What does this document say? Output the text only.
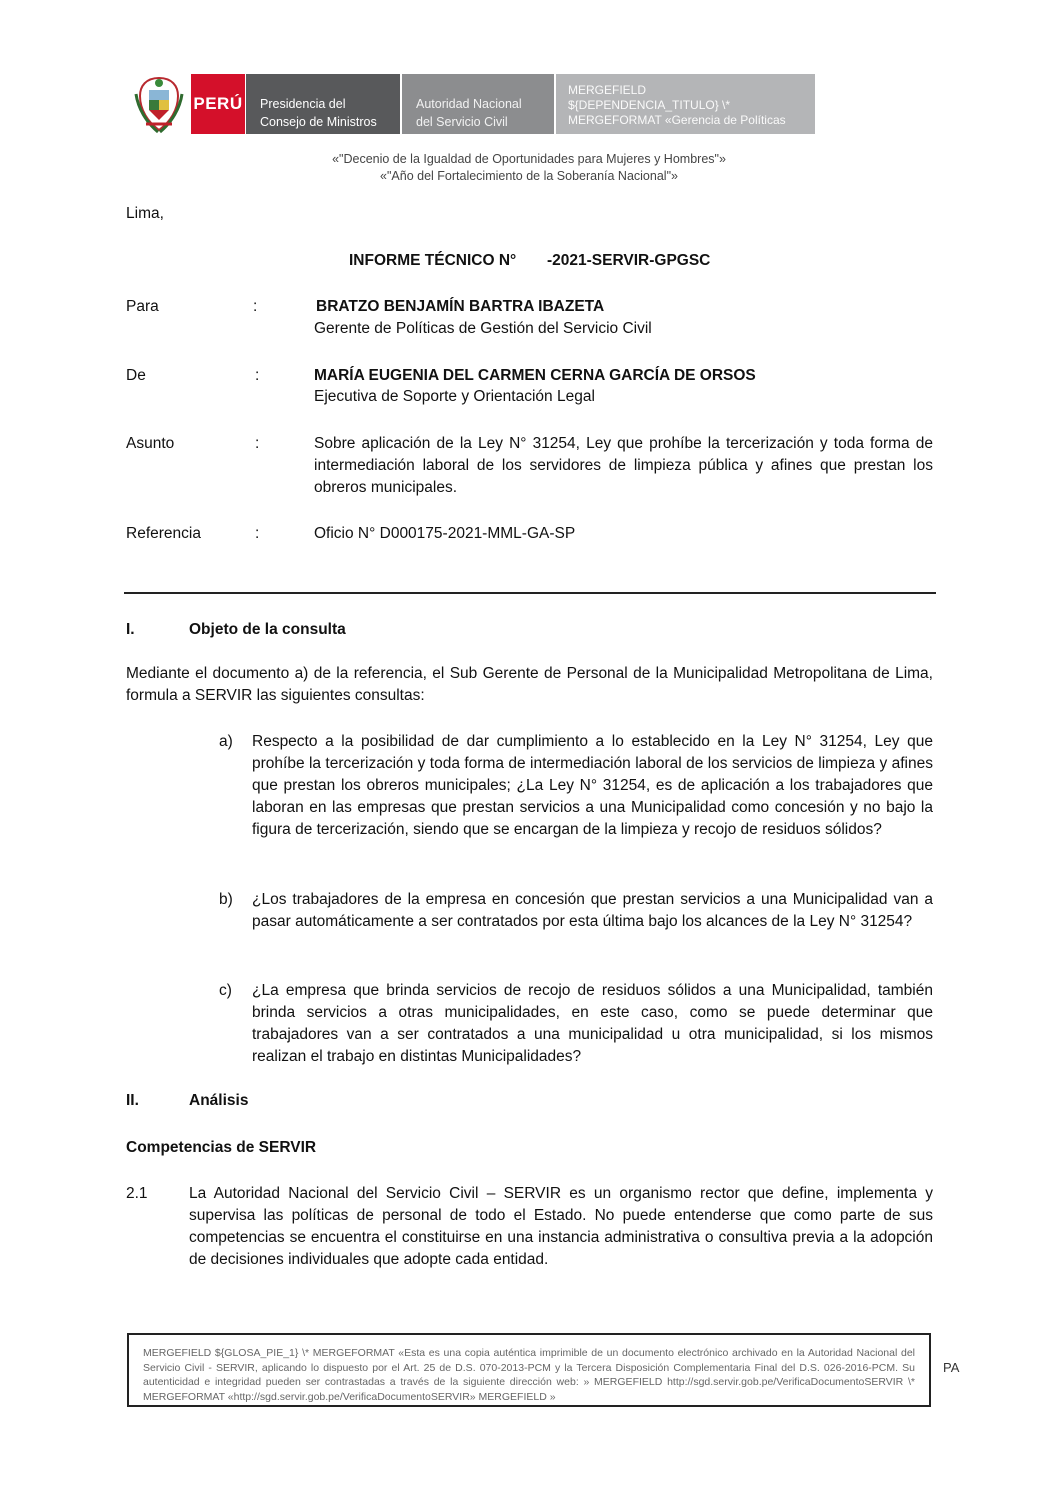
PERÚ Presidencia del
Consejo de Ministros
Autoridad Nacional
del Servicio Civil
MERGEFIELD
${DEPENDENCIA_TITULO} \*
MERGEFORMAT «Gerencia de Políticas
«"Decenio de la Igualdad de Oportunidades para Mujeres y Hombres"»
«"Año del Fortalecimiento de la Soberanía Nacional"»
Lima,
INFORME TÉCNICO N° -2021-SERVIR-GPGSC
Para	:	BRATZO BENJAMÍN BARTRA IBAZETA
Gerente de Políticas de Gestión del Servicio Civil
De	:	MARÍA EUGENIA DEL CARMEN CERNA GARCÍA DE ORSOS
Ejecutiva de Soporte y Orientación Legal
Asunto	:	Sobre aplicación de la Ley N° 31254, Ley que prohíbe la tercerización y toda forma de intermediación laboral de los servidores de limpieza pública y afines que prestan los obreros municipales.
Referencia	:	Oficio N° D000175-2021-MML-GA-SP
I.	Objeto de la consulta
Mediante el documento a) de la referencia, el Sub Gerente de Personal de la Municipalidad Metropolitana de Lima, formula a SERVIR las siguientes consultas:
a) Respecto a la posibilidad de dar cumplimiento a lo establecido en la Ley N° 31254, Ley que prohíbe la tercerización y toda forma de intermediación laboral de los servicios de limpieza y afines que prestan los obreros municipales; ¿La Ley N° 31254, es de aplicación a los trabajadores que laboran en las empresas que prestan servicios a una Municipalidad como concesión y no bajo la figura de tercerización, siendo que se encargan de la limpieza y recojo de residuos sólidos?
b) ¿Los trabajadores de la empresa en concesión que prestan servicios a una Municipalidad van a pasar automáticamente a ser contratados por esta última bajo los alcances de la Ley N° 31254?
c) ¿La empresa que brinda servicios de recojo de residuos sólidos a una Municipalidad, también brinda servicios a otras municipalidades, en este caso, como se puede determinar que trabajadores van a ser contratados a una municipalidad u otra municipalidad, si los mismos realizan el trabajo en distintas Municipalidades?
II.	Análisis
Competencias de SERVIR
2.1	La Autoridad Nacional del Servicio Civil – SERVIR es un organismo rector que define, implementa y supervisa las políticas de personal de todo el Estado. No puede entenderse que como parte de sus competencias se encuentra el constituirse en una instancia administrativa o consultiva previa a la adopción de decisiones individuales que adopte cada entidad.
MERGEFIELD ${GLOSA_PIE_1} \* MERGEFORMAT «Esta es una copia auténtica imprimible de un documento electrónico archivado en la Autoridad Nacional del Servicio Civil - SERVIR, aplicando lo dispuesto por el Art. 25 de D.S. 070-2013-PCM y la Tercera Disposición Complementaria Final del D.S. 026-2016-PCM. Su autenticidad e integridad pueden ser contrastadas a través de la siguiente dirección web: » MERGEFIELD http://sgd.servir.gob.pe/VerificaDocumentoSERVIR \* MERGEFORMAT «http://sgd.servir.gob.pe/VerificaDocumentoSERVIR» MERGEFIELD »
PA
